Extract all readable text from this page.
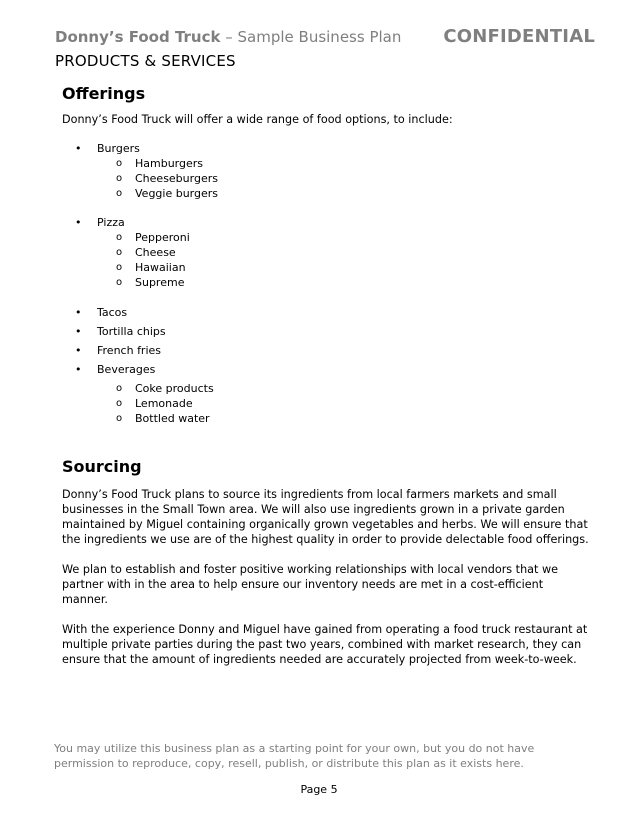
Donny’s Food Truck – Sample Business Plan CONFIDENTIAL
PRODUCTS & SERVICES
Offerings

Donny’s Food Truck will offer a wide range of food options, to include:

• Burgers
o Hamburgers
o Cheeseburgers
o Veggie burgers
• Pizza
o Pepperoni
o Cheese
o Hawaiian
o Supreme
• Tacos
• Tortilla chips
• French fries
• Beverages
o Coke products
o Lemonade
o Bottled water
Sourcing

Donny’s Food Truck plans to source its ingredients from local farmers markets and small businesses in the Small Town area. We will also use ingredients grown in a private garden maintained by Miguel containing organically grown vegetables and herbs. We will ensure that the ingredients we use are of the highest quality in order to provide delectable food offerings.

We plan to establish and foster positive working relationships with local vendors that we partner with in the area to help ensure our inventory needs are met in a cost-efficient manner.

With the experience Donny and Miguel have gained from operating a food truck restaurant at multiple private parties during the past two years, combined with market research, they can ensure that the amount of ingredients needed are accurately projected from week-to-week.

You may utilize this business plan as a starting point for your own, but you do not have permission to reproduce, copy, resell, publish, or distribute this plan as it exists here.
Page 5
